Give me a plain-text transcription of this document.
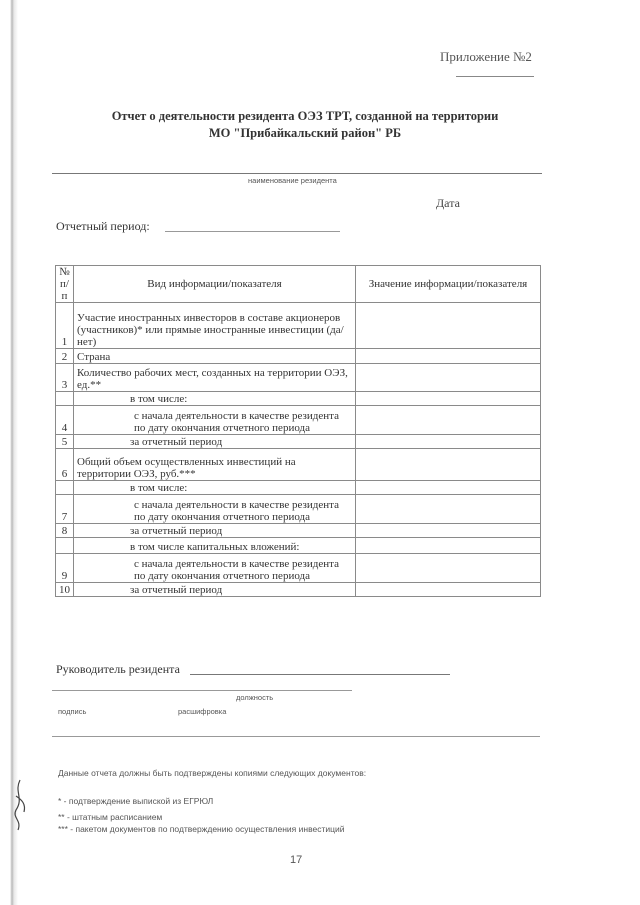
Приложение №2
Отчет о деятельности резидента ОЭЗ ТРТ, созданной на территории
МО "Прибайкальский район" РБ
наименование резидента
Дата
Отчетный период:
№ п/п	Вид информации/показателя	Значение информации/показателя
1	Участие иностранных инвесторов в составе акционеров (участников)* или прямые иностранные инвестиции (да/нет)	
2	Страна	
3	Количество рабочих мест, созданных на территории ОЭЗ, ед.**	
	в том числе:	
4	с начала деятельности в качестве резидента по дату окончания отчетного периода	
5	за отчетный период	
6	Общий объем осуществленных инвестиций на территории ОЭЗ, руб.***	
	в том числе:	
7	с начала деятельности в качестве резидента по дату окончания отчетного периода	
8	за отчетный период	
	в том числе капитальных вложений:	
9	с начала деятельности в качестве резидента по дату окончания отчетного периода	
10	за отчетный период	
Руководитель резидента
должность
подпись	расшифровка
Данные отчета должны быть подтверждены копиями следующих документов:
* - подтверждение выпиской из ЕГРЮЛ
** - штатным расписанием
*** - пакетом документов по подтверждению осуществления инвестиций
17
